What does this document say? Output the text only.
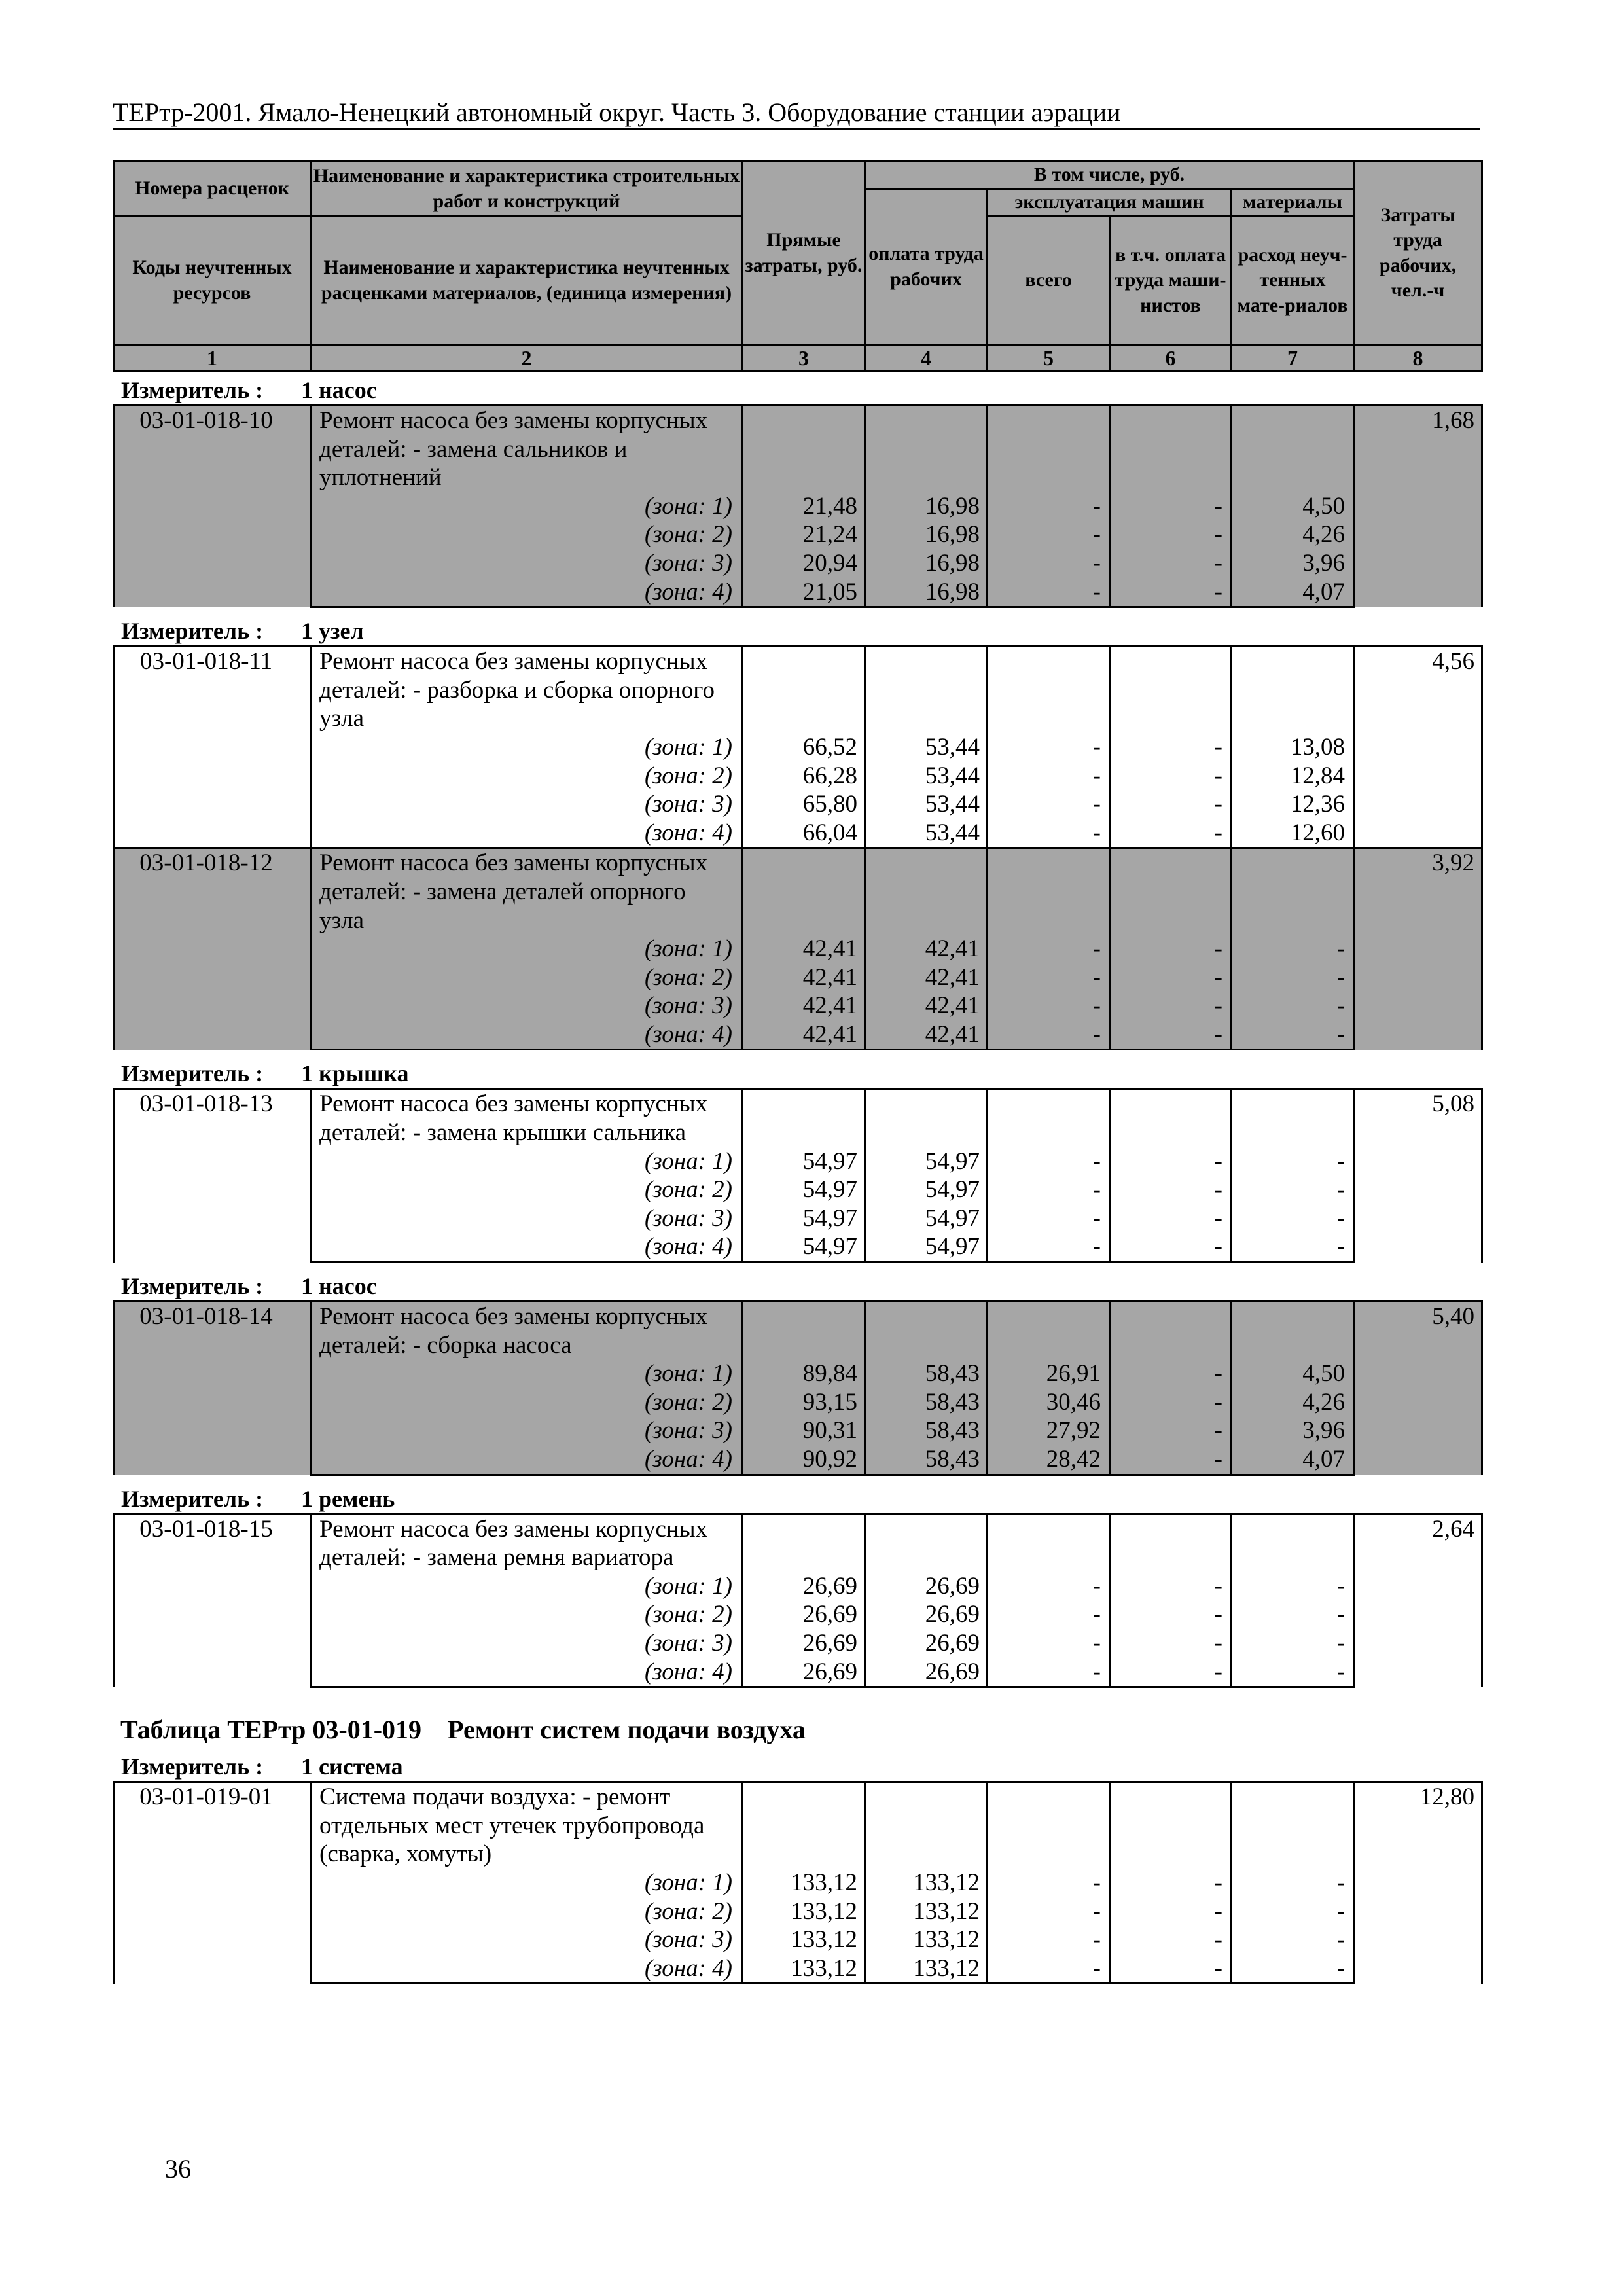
ТЕРтр-2001. Ямало-Ненецкий автономный округ. Часть 3. Оборудование станции аэрации
Номера расценок	Наименование и характеристика строительных работ и конструкций	Прямые затраты, руб.	В том числе, руб.				Затраты труда рабочих, чел.-ч
			оплата труда рабочих	эксплуатация машин		материалы	
Коды неучтенных ресурсов	Наименование и характеристика неучтенных расценками материалов, (единица измерения)			всего	в т.ч. оплата труда маши-нистов	расход неуч-тенных мате-риалов	

1	2	3	4	5	6	7	8
Измеритель :	1 насос
03-01-018-10	Ремонт насоса без замены корпусных						1,68
	деталей: - замена сальников и						
	уплотнений						
	(зона: 1)	21,48	16,98	-	-	4,50	
	(зона: 2)	21,24	16,98	-	-	4,26	
	(зона: 3)	20,94	16,98	-	-	3,96	
	(зона: 4)	21,05	16,98	-	-	4,07	
Измеритель :	1 узел
03-01-018-11	Ремонт насоса без замены корпусных						4,56
	деталей: - разборка и сборка опорного						
	узла						
	(зона: 1)	66,52	53,44	-	-	13,08	
	(зона: 2)	66,28	53,44	-	-	12,84	
	(зона: 3)	65,80	53,44	-	-	12,36	
	(зона: 4)	66,04	53,44	-	-	12,60	
03-01-018-12	Ремонт насоса без замены корпусных						3,92
	деталей: - замена деталей опорного						
	узла						
	(зона: 1)	42,41	42,41	-	-	-	
	(зона: 2)	42,41	42,41	-	-	-	
	(зона: 3)	42,41	42,41	-	-	-	
	(зона: 4)	42,41	42,41	-	-	-	
Измеритель :	1 крышка
03-01-018-13	Ремонт насоса без замены корпусных						5,08
	деталей: - замена крышки сальника						
	(зона: 1)	54,97	54,97	-	-	-	
	(зона: 2)	54,97	54,97	-	-	-	
	(зона: 3)	54,97	54,97	-	-	-	
	(зона: 4)	54,97	54,97	-	-	-	
Измеритель :	1 насос
03-01-018-14	Ремонт насоса без замены корпусных						5,40
	деталей: - сборка насоса						
	(зона: 1)	89,84	58,43	26,91	-	4,50	
	(зона: 2)	93,15	58,43	30,46	-	4,26	
	(зона: 3)	90,31	58,43	27,92	-	3,96	
	(зона: 4)	90,92	58,43	28,42	-	4,07	
Измеритель :	1 ремень
03-01-018-15	Ремонт насоса без замены корпусных						2,64
	деталей: - замена ремня вариатора						
	(зона: 1)	26,69	26,69	-	-	-	
	(зона: 2)	26,69	26,69	-	-	-	
	(зона: 3)	26,69	26,69	-	-	-	
	(зона: 4)	26,69	26,69	-	-	-	
Таблица ТЕРтр 03-01-019 Ремонт систем подачи воздуха
Измеритель :	1 система
03-01-019-01	Система подачи воздуха: - ремонт						12,80
	отдельных мест утечек трубопровода						
	(сварка, хомуты)						
	(зона: 1)	133,12	133,12	-	-	-	
	(зона: 2)	133,12	133,12	-	-	-	
	(зона: 3)	133,12	133,12	-	-	-	
	(зона: 4)	133,12	133,12	-	-	-	
36
